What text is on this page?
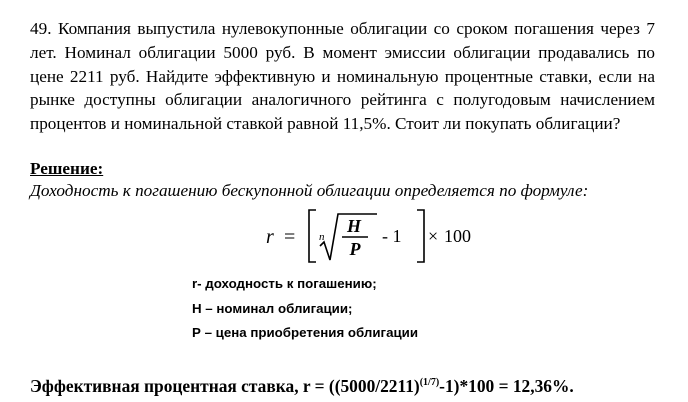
49. Компания выпустила нулевокупонные облигации со сроком погашения через 7 лет. Номинал облигации 5000 руб. В момент эмиссии облигации продавались по цене 2211 руб. Найдите эффективную и номинальную процентные ставки, если на рынке доступны облигации аналогичного рейтинга с полугодовым начислением процентов и номинальной ставкой равной 11,5%. Стоит ли покупать облигации?

Решение:

Доходность к погашению бескупонной облигации определяется по формуле:

r = n
H
P
- 1 × 100
r- доходность к погашению;
Н – номинал облигации;
Р – цена приобретения облигации

Эффективная процентная ставка, $r = ((5000/2211)^{(1/7)}-1)*100 = 12,36\%$.
